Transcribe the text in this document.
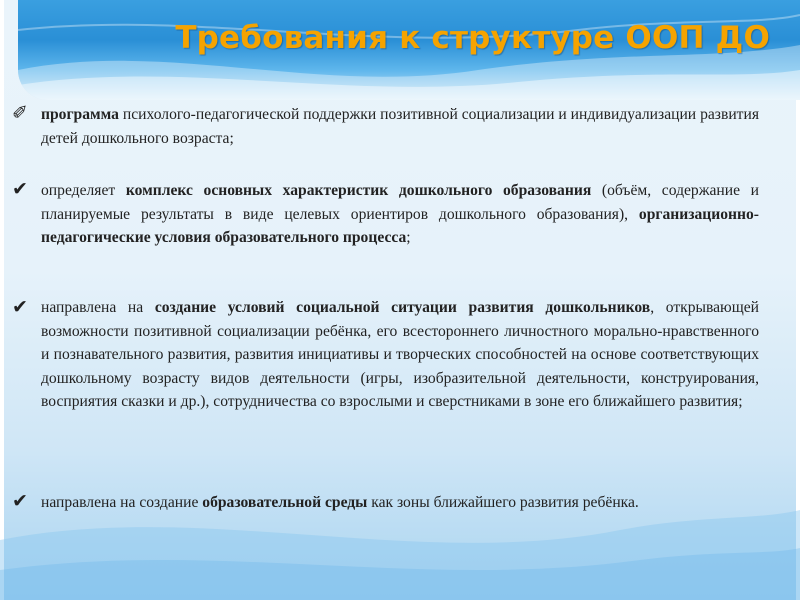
Требования к структуре ООП ДО
✐ программа психолого-педагогической поддержки позитивной социализации и индивидуализации развития детей дошкольного возраста;
✔ определяет комплекс основных характеристик дошкольного образования (объём, содержание и планируемые результаты в виде целевых ориентиров дошкольного образования), организационно-педагогические условия образовательного процесса;
✔ направлена на создание условий социальной ситуации развития дошкольников, открывающей возможности позитивной социализации ребёнка, его всестороннего личностного морально-нравственного и познавательного развития, развития инициативы и творческих способностей на основе соответствующих дошкольному возрасту видов деятельности (игры, изобразительной деятельности, конструирования, восприятия сказки и др.), сотрудничества со взрослыми и сверстниками в зоне его ближайшего развития;
✔ направлена на создание образовательной среды как зоны ближайшего развития ребёнка.
